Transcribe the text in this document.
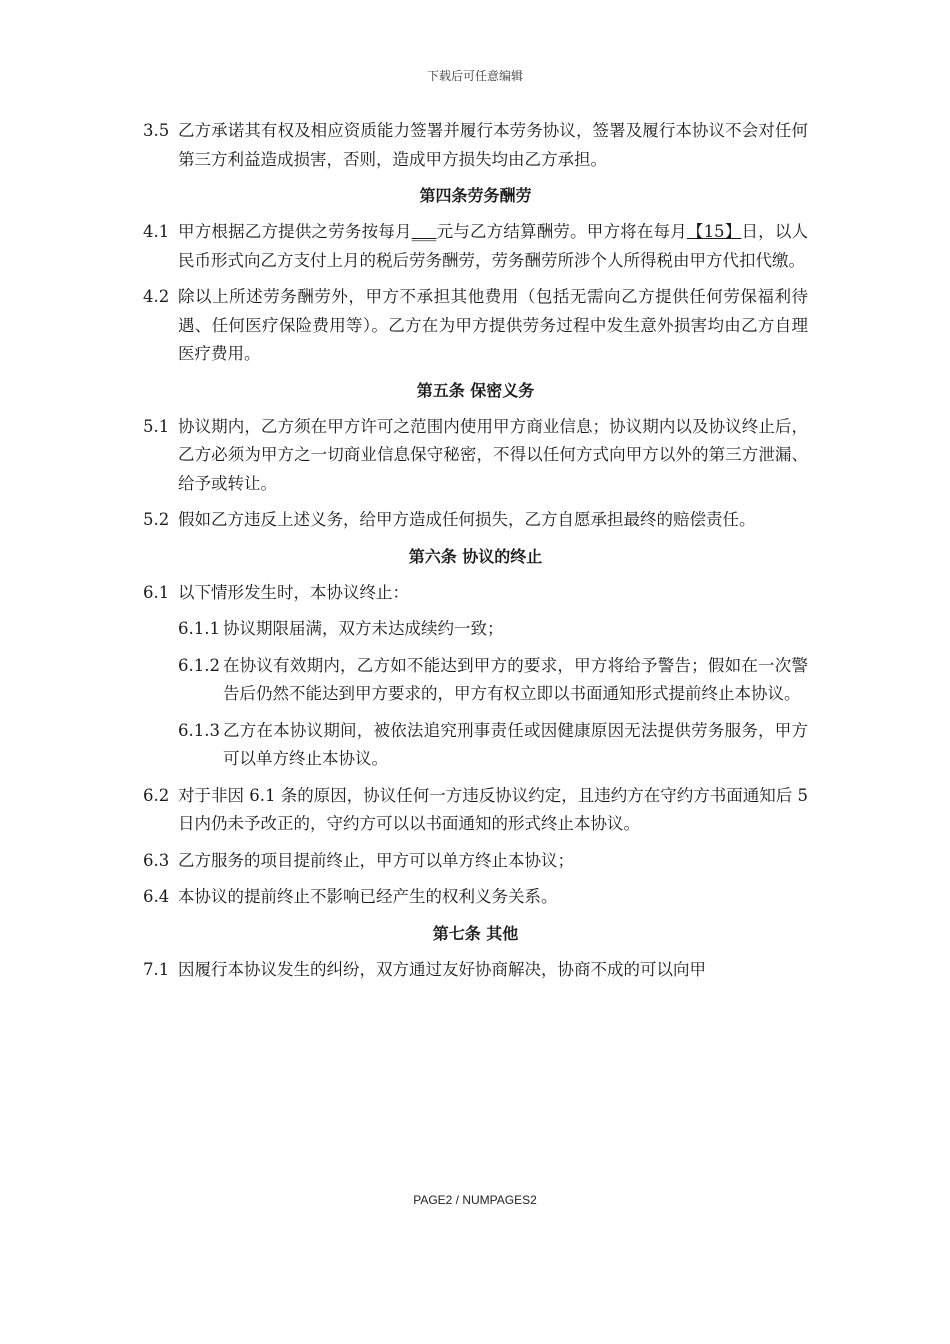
下载后可任意编辑
3.5 乙方承诺其有权及相应资质能力签署并履行本劳务协议，签署及履行本协议不会对任何第三方利益造成损害，否则，造成甲方损失均由乙方承担。
第四条劳务酬劳
4.1 甲方根据乙方提供之劳务按每月___元与乙方结算酬劳。甲方将在每月【15】日，以人民币形式向乙方支付上月的税后劳务酬劳，劳务酬劳所涉个人所得税由甲方代扣代缴。
4.2 除以上所述劳务酬劳外，甲方不承担其他费用（包括无需向乙方提供任何劳保福利待遇、任何医疗保险费用等）。乙方在为甲方提供劳务过程中发生意外损害均由乙方自理医疗费用。
第五条 保密义务
5.1 协议期内，乙方须在甲方许可之范围内使用甲方商业信息；协议期内以及协议终止后，乙方必须为甲方之一切商业信息保守秘密，不得以任何方式向甲方以外的第三方泄漏、给予或转让。
5.2 假如乙方违反上述义务，给甲方造成任何损失，乙方自愿承担最终的赔偿责任。
第六条 协议的终止
6.1 以下情形发生时，本协议终止：
6.1.1 协议期限届满，双方未达成续约一致；
6.1.2 在协议有效期内，乙方如不能达到甲方的要求，甲方将给予警告；假如在一次警告后仍然不能达到甲方要求的，甲方有权立即以书面通知形式提前终止本协议。
6.1.3 乙方在本协议期间，被依法追究刑事责任或因健康原因无法提供劳务服务，甲方可以单方终止本协议。
6.2 对于非因 6.1 条的原因，协议任何一方违反协议约定，且违约方在守约方书面通知后 5 日内仍未予改正的，守约方可以以书面通知的形式终止本协议。
6.3 乙方服务的项目提前终止，甲方可以单方终止本协议；
6.4 本协议的提前终止不影响已经产生的权利义务关系。
第七条 其他
7.1 因履行本协议发生的纠纷，双方通过友好协商解决，协商不成的可以向甲
PAGE2 / NUMPAGES2
